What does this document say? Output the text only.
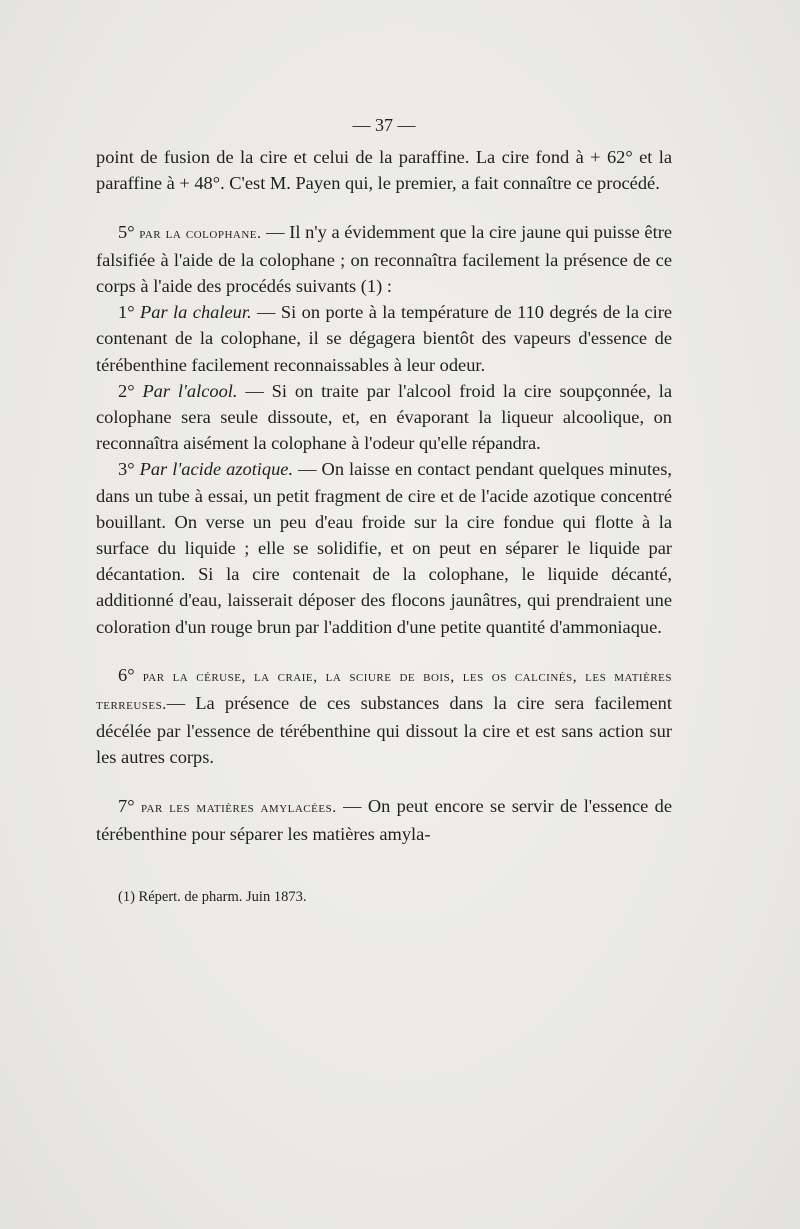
— 37 —

point de fusion de la cire et celui de la paraffine. La cire fond à + 62° et la paraffine à + 48°. C'est M. Payen qui, le premier, a fait connaître ce procédé.

5° par la colophane. — Il n'y a évidemment que la cire jaune qui puisse être falsifiée à l'aide de la colophane ; on reconnaîtra facilement la présence de ce corps à l'aide des procédés suivants (1) :

1° Par la chaleur. — Si on porte à la température de 110 degrés de la cire contenant de la colophane, il se dégagera bientôt des vapeurs d'essence de térébenthine facilement reconnaissables à leur odeur.

2° Par l'alcool. — Si on traite par l'alcool froid la cire soupçonnée, la colophane sera seule dissoute, et, en évaporant la liqueur alcoolique, on reconnaîtra aisément la colophane à l'odeur qu'elle répandra.

3° Par l'acide azotique. — On laisse en contact pendant quelques minutes, dans un tube à essai, un petit fragment de cire et de l'acide azotique concentré bouillant. On verse un peu d'eau froide sur la cire fondue qui flotte à la surface du liquide ; elle se solidifie, et on peut en séparer le liquide par décantation. Si la cire contenait de la colophane, le liquide décanté, additionné d'eau, laisserait déposer des flocons jaunâtres, qui prendraient une coloration d'un rouge brun par l'addition d'une petite quantité d'ammoniaque.

6° par la céruse, la craie, la sciure de bois, les os calcinés, les matières terreuses.— La présence de ces substances dans la cire sera facilement décélée par l'essence de térébenthine qui dissout la cire et est sans action sur les autres corps.

7° par les matières amylacées. — On peut encore se servir de l'essence de térébenthine pour séparer les matières amyla-

(1) Répert. de pharm. Juin 1873.
